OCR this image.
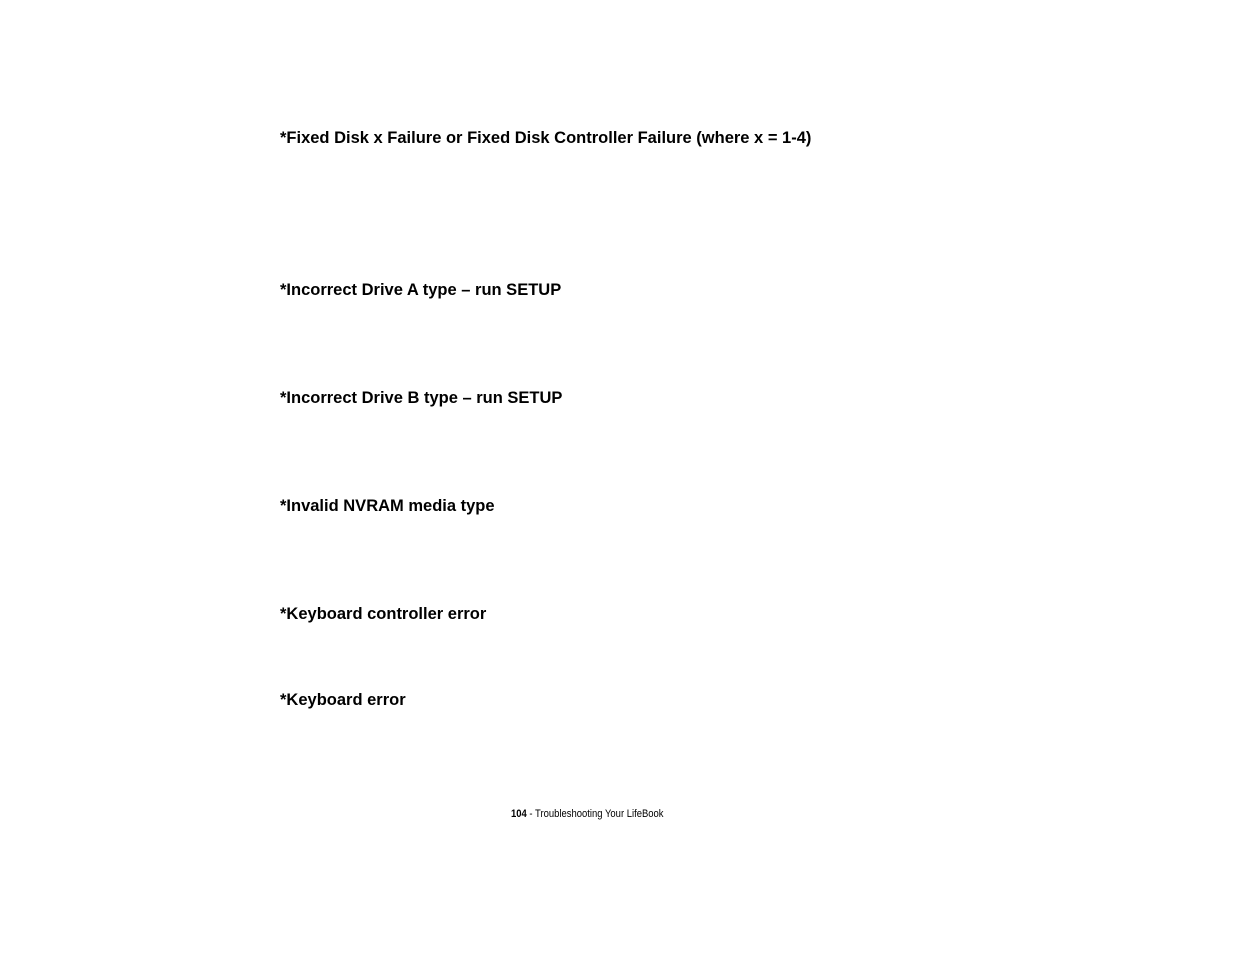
*Fixed Disk x Failure or Fixed Disk Controller Failure (where x = 1-4)
*Incorrect Drive A type – run SETUP
*Incorrect Drive B type – run SETUP
*Invalid NVRAM media type
*Keyboard controller error
*Keyboard error
104 - Troubleshooting Your LifeBook
